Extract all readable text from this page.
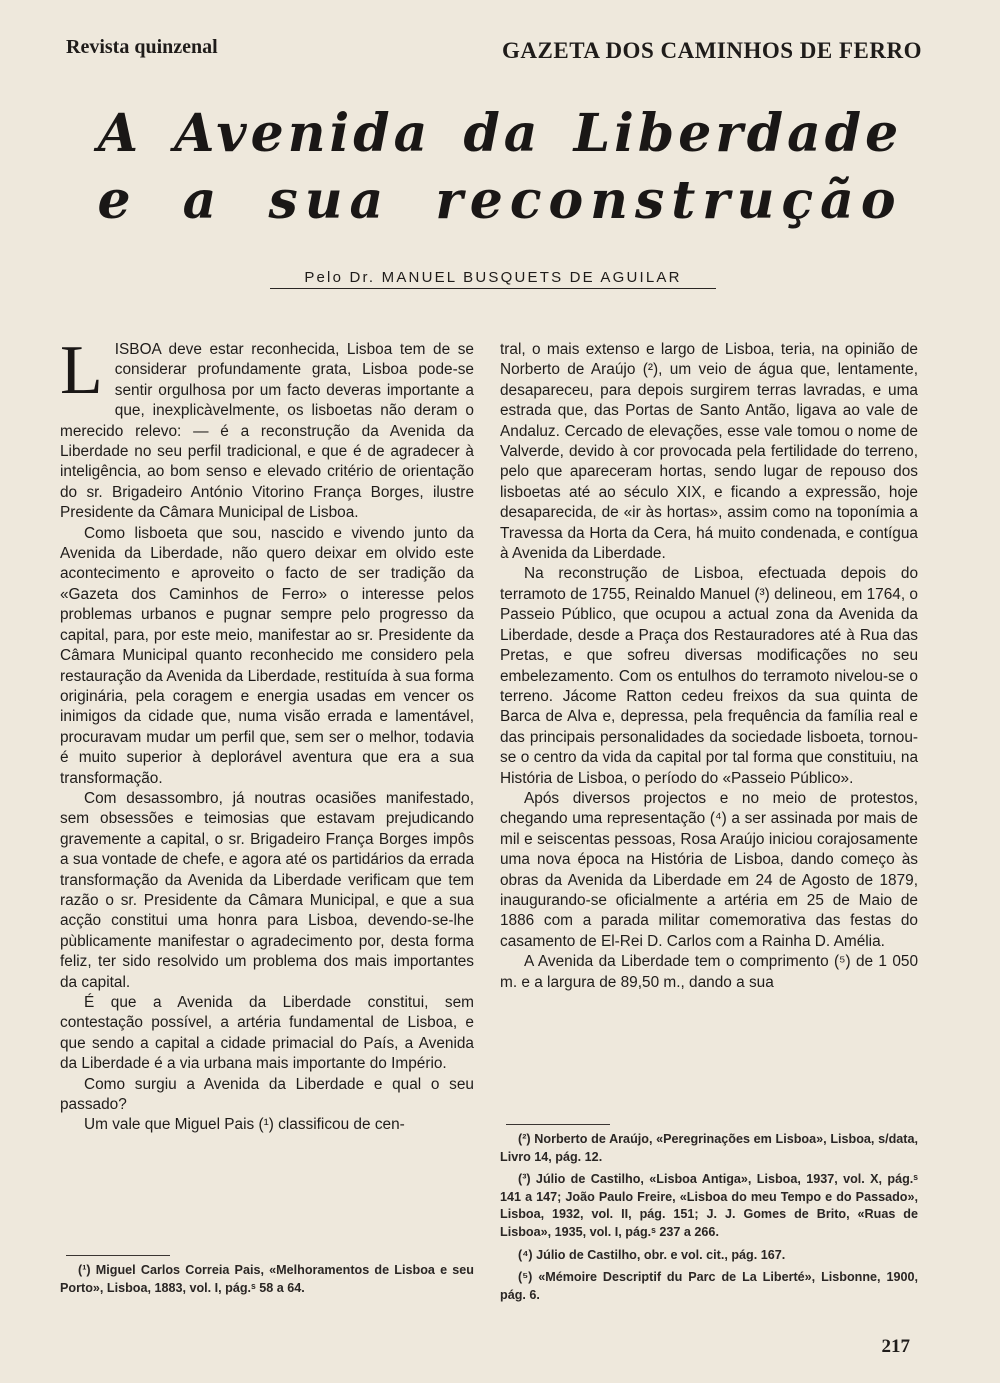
Revista quinzenal	GAZETA DOS CAMINHOS DE FERRO
A Avenida da Liberdade
e a sua reconstrução
Pelo Dr. MANUEL BUSQUETS DE AGUILAR

LISBOA deve estar reconhecida, Lisboa tem de se considerar profundamente grata, Lisboa pode-se sentir orgulhosa por um facto deveras importante a que, inexplicàvelmente, os lisboetas não deram o merecido relevo: — é a reconstrução da Avenida da Liberdade no seu perfil tradicional, e que é de agradecer à inteligência, ao bom senso e elevado critério de orientação do sr. Brigadeiro António Vitorino França Borges, ilustre Presidente da Câmara Municipal de Lisboa.

Como lisboeta que sou, nascido e vivendo junto da Avenida da Liberdade, não quero deixar em olvido este acontecimento e aproveito o facto de ser tradição da «Gazeta dos Caminhos de Ferro» o interesse pelos problemas urbanos e pugnar sempre pelo progresso da capital, para, por este meio, manifestar ao sr. Presidente da Câmara Municipal quanto reconhecido me considero pela restauração da Avenida da Liberdade, restituída à sua forma originária, pela coragem e energia usadas em vencer os inimigos da cidade que, numa visão errada e lamentável, procuravam mudar um perfil que, sem ser o melhor, todavia é muito superior à deplorável aventura que era a sua transformação.

Com desassombro, já noutras ocasiões manifestado, sem obsessões e teimosias que estavam prejudicando gravemente a capital, o sr. Brigadeiro França Borges impôs a sua vontade de chefe, e agora até os partidários da errada transformação da Avenida da Liberdade verificam que tem razão o sr. Presidente da Câmara Municipal, e que a sua acção constitui uma honra para Lisboa, devendo-se-lhe pùblicamente manifestar o agradecimento por, desta forma feliz, ter sido resolvido um problema dos mais importantes da capital.

É que a Avenida da Liberdade constitui, sem contestação possível, a artéria fundamental de Lisboa, e que sendo a capital a cidade primacial do País, a Avenida da Liberdade é a via urbana mais importante do Império.

Como surgiu a Avenida da Liberdade e qual o seu passado?

Um vale que Miguel Pais (¹) classificou de cen-

tral, o mais extenso e largo de Lisboa, teria, na opinião de Norberto de Araújo (²), um veio de água que, lentamente, desapareceu, para depois surgirem terras lavradas, e uma estrada que, das Portas de Santo Antão, ligava ao vale de Andaluz. Cercado de elevações, esse vale tomou o nome de Valverde, devido à cor provocada pela fertilidade do terreno, pelo que apareceram hortas, sendo lugar de repouso dos lisboetas até ao século XIX, e ficando a expressão, hoje desaparecida, de «ir às hortas», assim como na toponímia a Travessa da Horta da Cera, há muito condenada, e contígua à Avenida da Liberdade.

Na reconstrução de Lisboa, efectuada depois do terramoto de 1755, Reinaldo Manuel (³) delineou, em 1764, o Passeio Público, que ocupou a actual zona da Avenida da Liberdade, desde a Praça dos Restauradores até à Rua das Pretas, e que sofreu diversas modificações no seu embelezamento. Com os entulhos do terramoto nivelou-se o terreno. Jácome Ratton cedeu freixos da sua quinta de Barca de Alva e, depressa, pela frequência da família real e das principais personalidades da sociedade lisboeta, tornou-se o centro da vida da capital por tal forma que constituiu, na História de Lisboa, o período do «Passeio Público».

Após diversos projectos e no meio de protestos, chegando uma representação (⁴) a ser assinada por mais de mil e seiscentas pessoas, Rosa Araújo iniciou corajosamente uma nova época na História de Lisboa, dando começo às obras da Avenida da Liberdade em 24 de Agosto de 1879, inaugurando-se oficialmente a artéria em 25 de Maio de 1886 com a parada militar comemorativa das festas do casamento de El-Rei D. Carlos com a Rainha D. Amélia.

A Avenida da Liberdade tem o comprimento (⁵) de 1 050 m. e a largura de 89,50 m., dando a sua

(¹) Miguel Carlos Correia Pais, «Melhoramentos de Lisboa e seu Porto», Lisboa, 1883, vol. I, pág.ˢ 58 a 64.

(²) Norberto de Araújo, «Peregrinações em Lisboa», Lisboa, s/data, Livro 14, pág. 12.

(³) Júlio de Castilho, «Lisboa Antiga», Lisboa, 1937, vol. X, pág.ˢ 141 a 147; João Paulo Freire, «Lisboa do meu Tempo e do Passado», Lisboa, 1932, vol. II, pág. 151; J. J. Gomes de Brito, «Ruas de Lisboa», 1935, vol. I, pág.ˢ 237 a 266.

(⁴) Júlio de Castilho, obr. e vol. cit., pág. 167.

(⁵) «Mémoire Descriptif du Parc de La Liberté», Lisbonne, 1900, pág. 6.

217
